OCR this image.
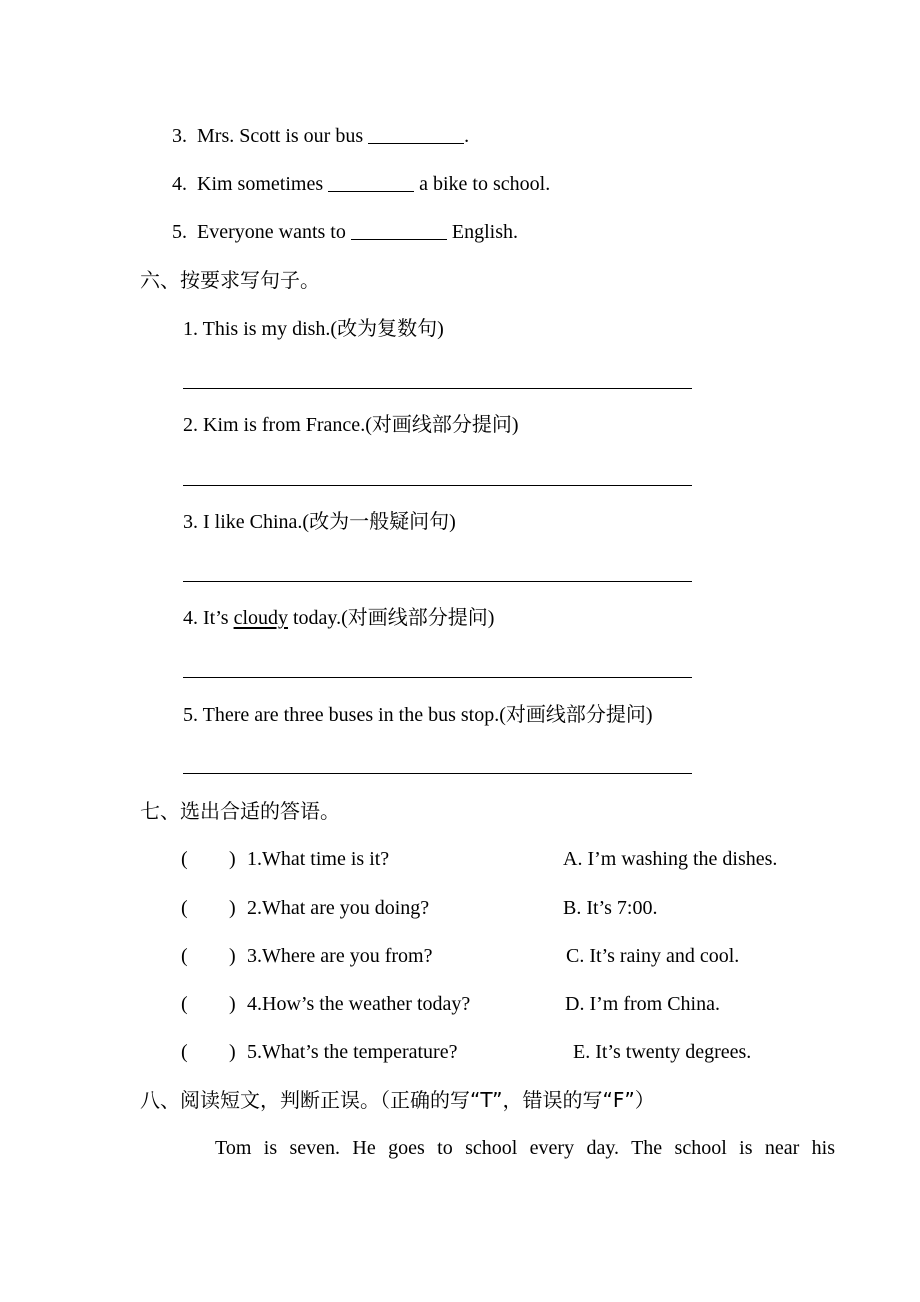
3. Mrs. Scott is our bus	.
4. Kim sometimes	a bike to school.
5. Everyone wants to	English.
六、按要求写句子。
1. This is my dish.(改为复数句)
2. Kim is from France.(对画线部分提问)
3. I like China.(改为一般疑问句)
4. It’s cloudy today.(对画线部分提问)
5. There are three buses in the bus stop.(对画线部分提问)
七、选出合适的答语。
( ) 1.What time is it?	A. I’m washing the dishes.
( ) 2.What are you doing?	B. It’s 7:00.
( ) 3.Where are you from?	C. It’s rainy and cool.
( ) 4.How’s the weather today?	D. I’m from China.
( ) 5.What’s the temperature?	E. It’s twenty degrees.
八、阅读短文，判断正误。（正确的写“T”，错误的写“F”）
Tom is seven. He goes to school every day. The school is near his
